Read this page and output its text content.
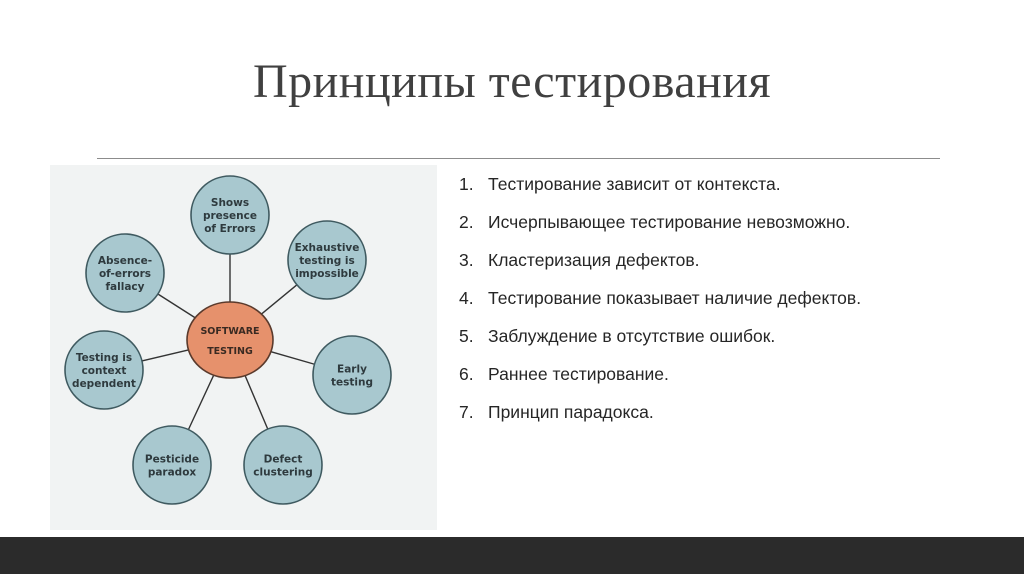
Принципы тестирования
Shows
presence
of Errors
Exhaustive
testing is
impossible
Early
testing
Defect
clustering
Pesticide
paradox
Testing is
context
dependent
Absence-
of-errors
fallacy
SOFTWARE
TESTING
1. Тестирование зависит от контекста.
2. Исчерпывающее тестирование невозможно.
3. Кластеризация дефектов.
4. Тестирование показывает наличие дефектов.
5. Заблуждение в отсутствие ошибок.
6. Раннее тестирование.
7. Принцип парадокса.
